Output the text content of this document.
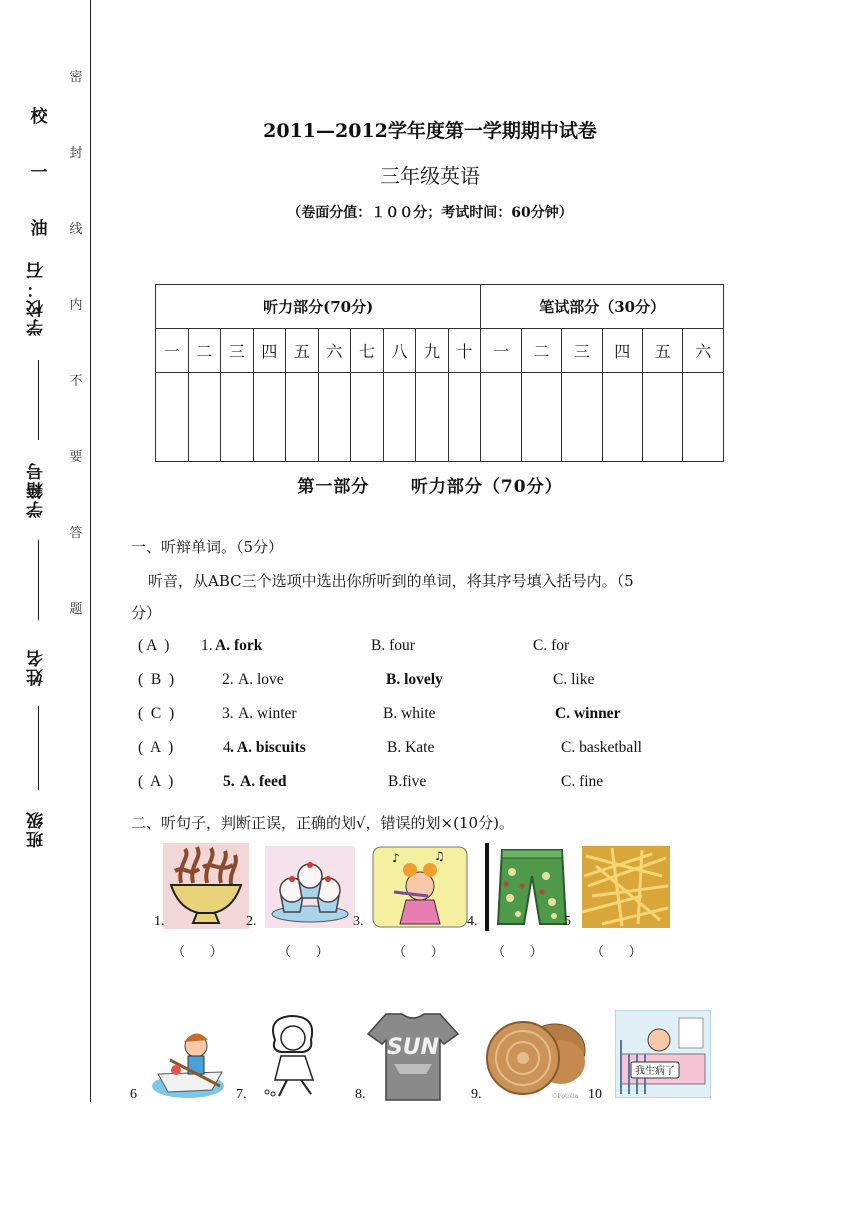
密
封
线
内
不
要
答
题
校
一
油
学校：石
学籍号
姓名
班级
2011—2012学年度第一学期期中试卷
三年级英语
（卷面分值：１００分；考试时间：60分钟）
听力部分(70分)										笔试部分（30分）					
一	二	三	四	五	六	七	八	九	十	一	二	三	四	五	六

第一部分      听力部分（70分）
一、听辩单词。（5分）
听音，从ABC三个选项中选出你所听到的单词，将其序号填入括号内。（5
分）
( A  ) 1. A. fork	B. four	C. for
(  B  )	2. A. love	B. lovely	C. like
(  C  )	3. A. winter	B. white	C. winner
(  A  )	4 . A. biscuits	B. Kate	C. basketball
(  A  )	5. A. feed	B.five	C. fine
二、听句子，判断正误，正确的划√，错误的划×(10分)。
♪	♫
1.	2.	3.	4.	5
（      ）	（      ）	（      ）	（      ）	（      ）
6	7.
SUN
8.	©Fotolia
9.	10
我生病了
